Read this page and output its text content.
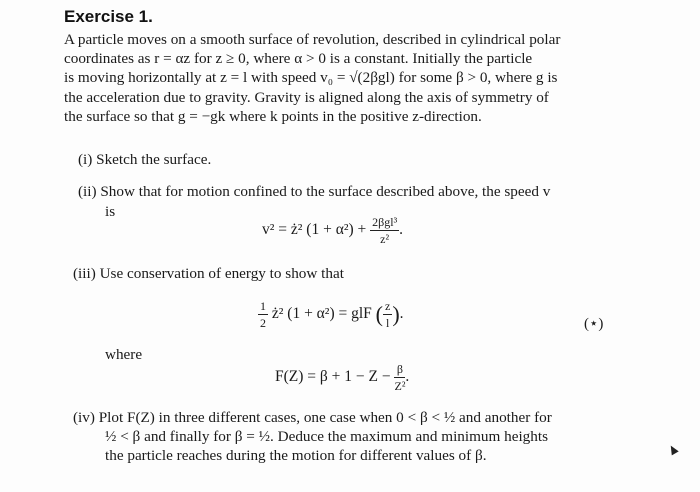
Exercise 1.
A particle moves on a smooth surface of revolution, described in cylindrical polar
coordinates as r = αz for z ≥ 0, where α > 0 is a constant. Initially the particle
is moving horizontally at z = l with speed v₀ = √(2βgl) for some β > 0, where g is
the acceleration due to gravity. Gravity is aligned along the axis of symmetry of
the surface so that g = −gk where k points in the positive z-direction.
(i) Sketch the surface.
(ii) Show that for motion confined to the surface described above, the speed v
is
v² = ż² $(1 + \alpha^2) + \frac{\text{2βgl³}}{\text{z²}}$ .
(iii) Use conservation of energy to show that
$\frac{1}{2}$ ż² (1 + α²) = glF ( $\frac{z}{l}$ ).
(⋆)
where
$F(Z) = \beta + 1 - Z - \frac{\beta}{\text{Z²}}$ .
(iv) Plot F(Z) in three different cases, one case when 0 < β < ½ and another for
½ < β and finally for β = ½. Deduce the maximum and minimum heights
the particle reaches during the motion for different values of β.
